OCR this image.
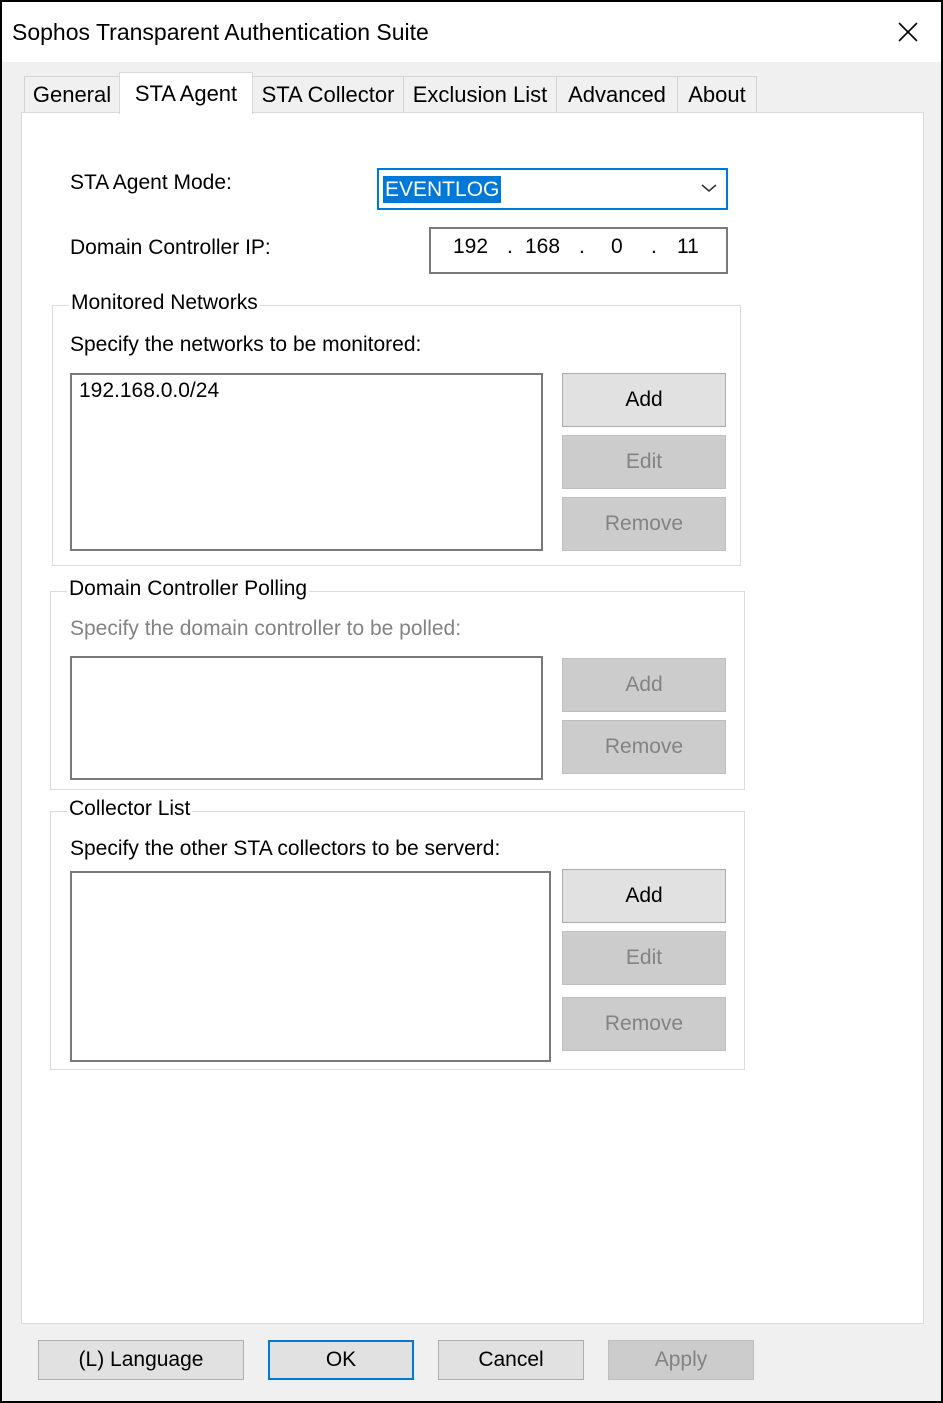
Sophos Transparent Authentication Suite
General	STA Agent	STA Collector Exclusion List Advanced	About
STA Agent Mode:	EVENTLOG
Domain Controller IP:	192 . 168 . 0 . 11
Monitored Networks
Specify the networks to be monitored:
192.168.0.0/24	Add
Edit
Remove
Domain Controller Polling
Specify the domain controller to be polled:
Add
Remove
Collector List
Specify the other STA collectors to be serverd:
Add
Edit
Remove
(L) Language	OK	Cancel	Apply
